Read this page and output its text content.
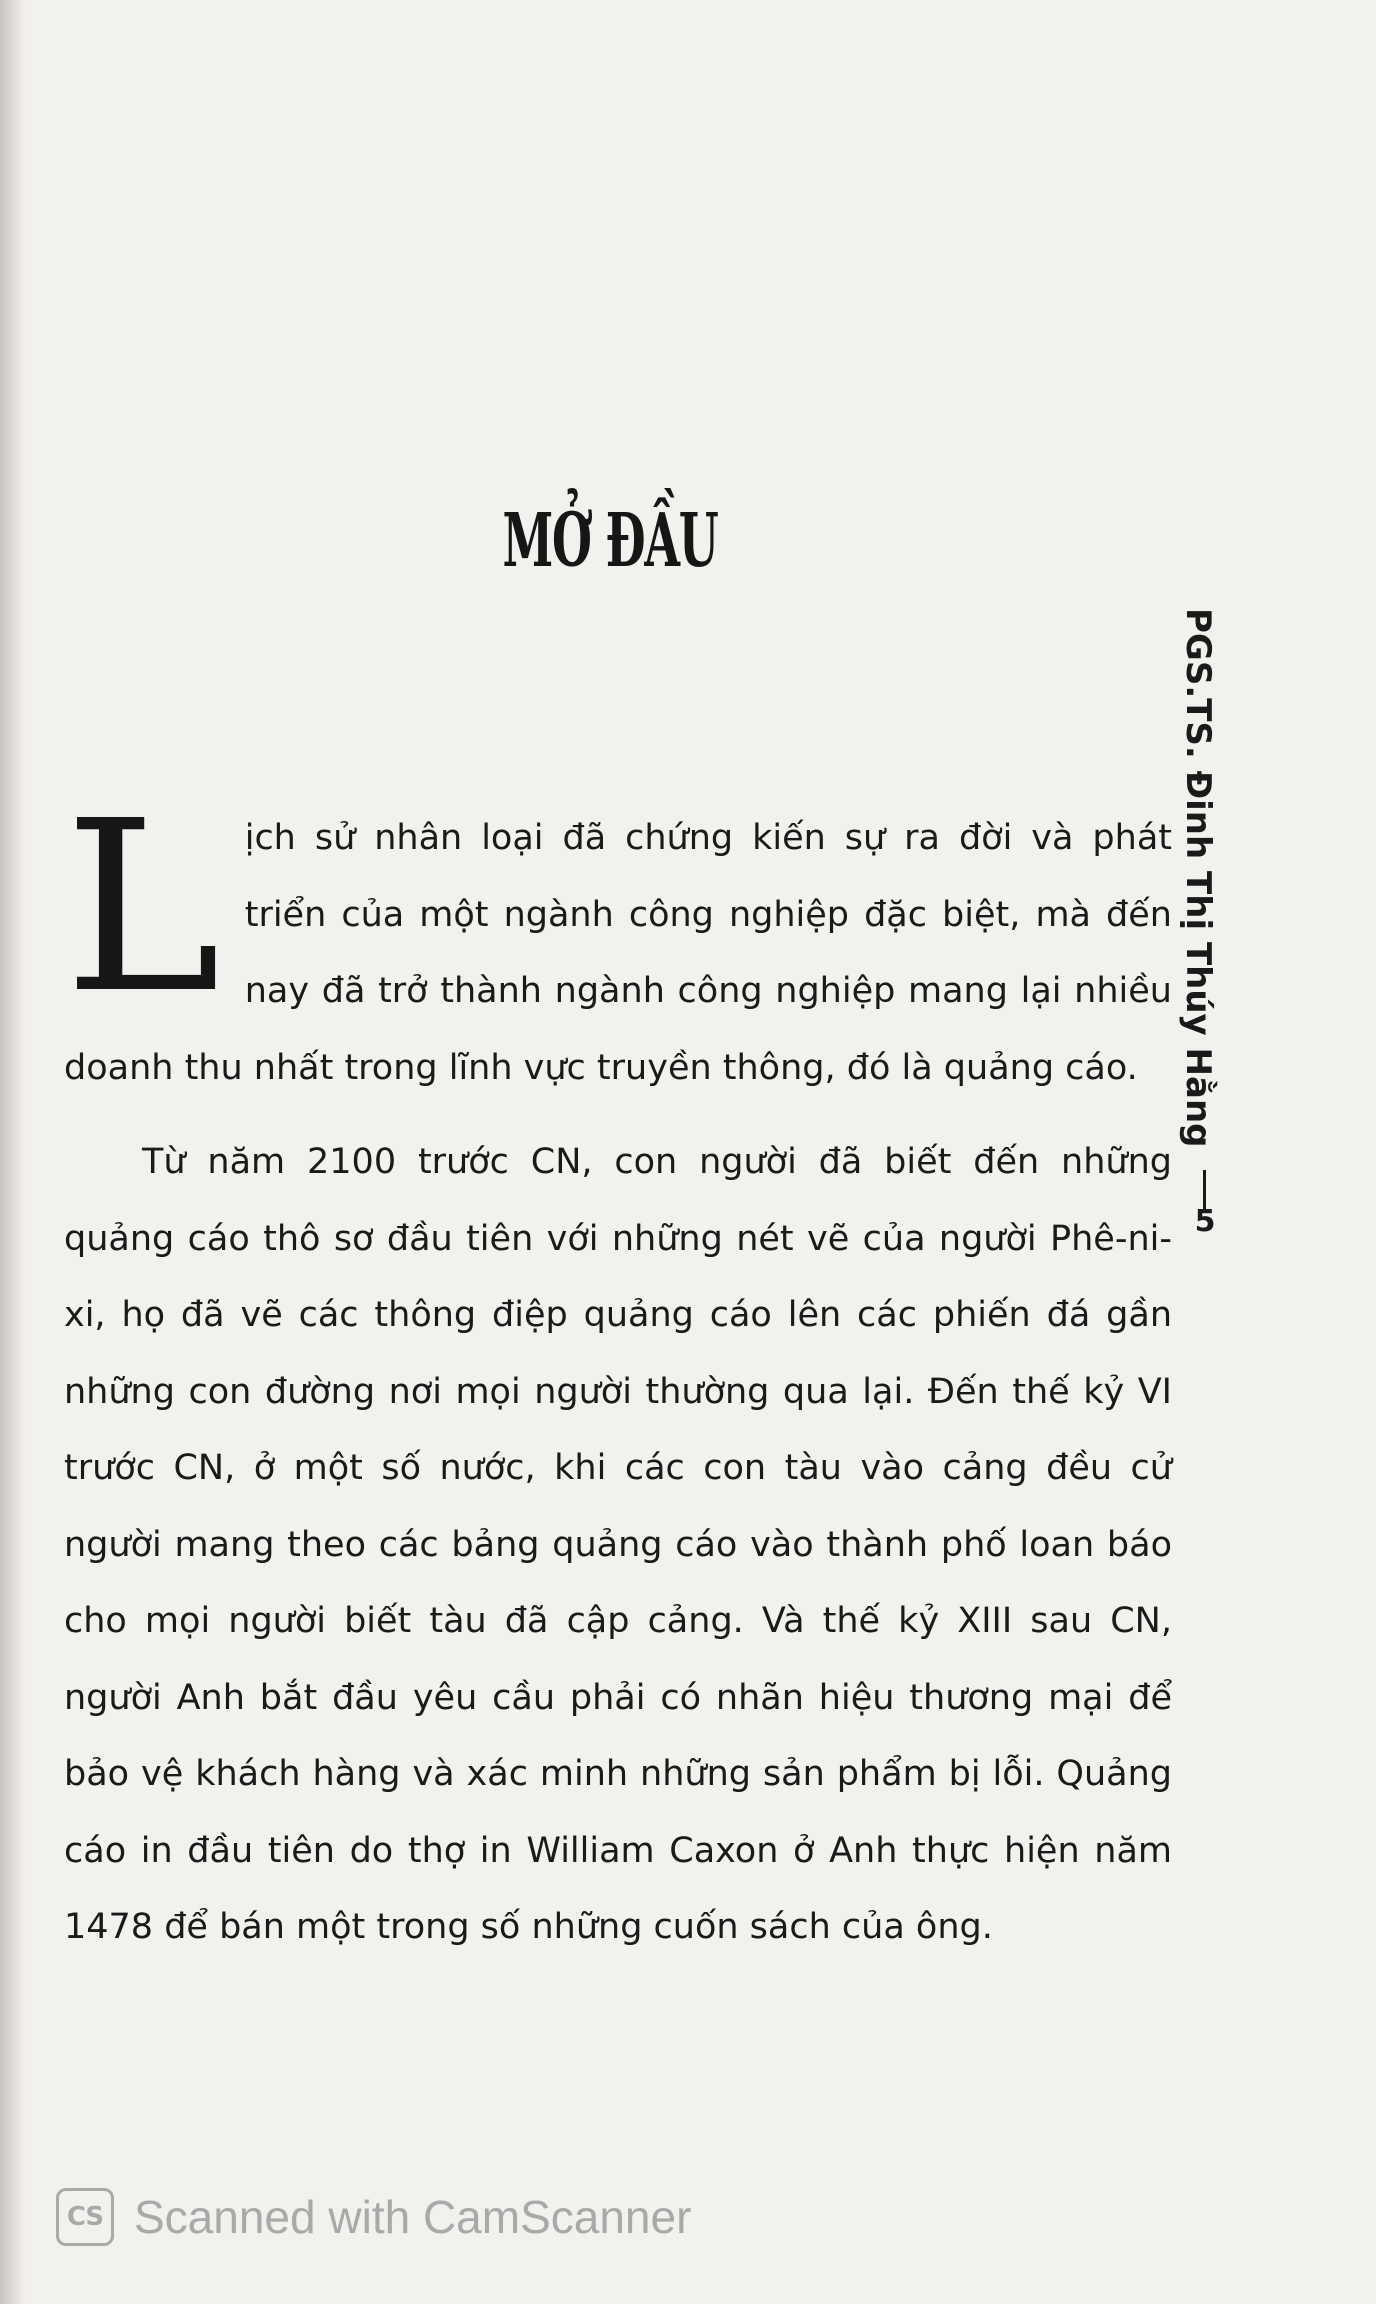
MỞ ĐẦU

L ịch sử nhân loại đã chứng kiến sự ra đời và phát triển của một ngành công nghiệp đặc biệt, mà đến nay đã trở thành ngành công nghiệp mang lại nhiều doanh thu nhất trong lĩnh vực truyền thông, đó là quảng cáo.

Từ năm 2100 trước CN, con người đã biết đến những quảng cáo thô sơ đầu tiên với những nét vẽ của người Phê-ni-xi, họ đã vẽ các thông điệp quảng cáo lên các phiến đá gần những con đường nơi mọi người thường qua lại. Đến thế kỷ VI trước CN, ở một số nước, khi các con tàu vào cảng đều cử người mang theo các bảng quảng cáo vào thành phố loan báo cho mọi người biết tàu đã cập cảng. Và thế kỷ XIII sau CN, người Anh bắt đầu yêu cầu phải có nhãn hiệu thương mại để bảo vệ khách hàng và xác minh những sản phẩm bị lỗi. Quảng cáo in đầu tiên do thợ in William Caxon ở Anh thực hiện năm 1478 để bán một trong số những cuốn sách của ông.

PGS.TS. Đinh Thị Thúy Hằng
5
CS Scanned with CamScanner
